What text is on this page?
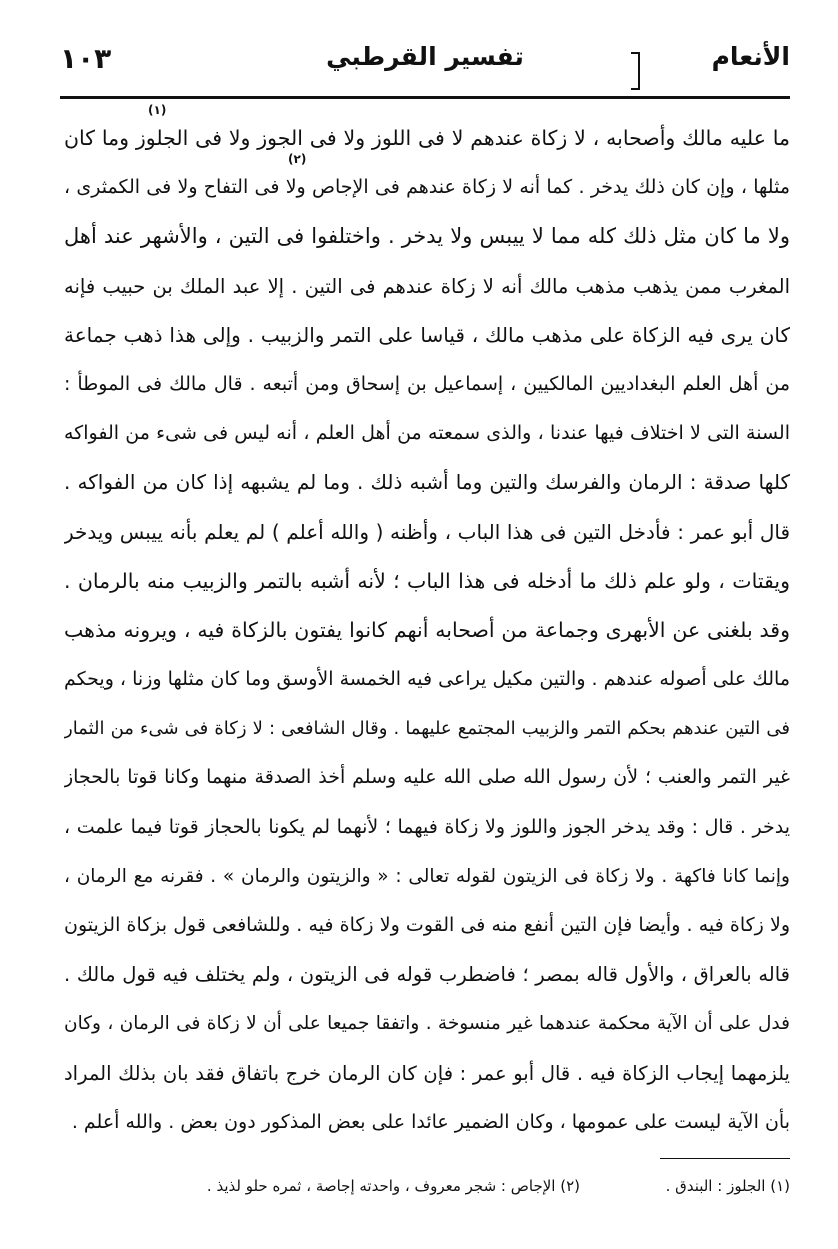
الأنعام
تفسير القرطبي
١٠٣
ما عليه مالك وأصحابه ، لا زكاة عندهم لا فى اللوز ولا فى الجوز ولا فى الجلوز وما كان
مثلها ، وإن كان ذلك يدخر . كما أنه لا زكاة عندهم فى الإجاص ولا فى التفاح ولا فى الكمثرى ،
ولا ما كان مثل ذلك كله مما لا ييبس ولا يدخر . واختلفوا فى التين ، والأشهر عند أهل
المغرب ممن يذهب مذهب مالك أنه لا زكاة عندهم فى التين . إلا عبد الملك بن حبيب فإنه
كان يرى فيه الزكاة على مذهب مالك ، قياسا على التمر والزبيب . وإلى هذا ذهب جماعة
من أهل العلم البغداديين المالكيين ، إسماعيل بن إسحاق ومن أتبعه . قال مالك فى الموطأ :
السنة التى لا اختلاف فيها عندنا ، والذى سمعته من أهل العلم ، أنه ليس فى شىء من الفواكه
كلها صدقة : الرمان والفرسك والتين وما أشبه ذلك . وما لم يشبهه إذا كان من الفواكه .
قال أبو عمر : فأدخل التين فى هذا الباب ، وأظنه ( والله أعلم ) لم يعلم بأنه ييبس ويدخر
ويقتات ، ولو علم ذلك ما أدخله فى هذا الباب ؛ لأنه أشبه بالتمر والزبيب منه بالرمان .
وقد بلغنى عن الأبهرى وجماعة من أصحابه أنهم كانوا يفتون بالزكاة فيه ، ويرونه مذهب
مالك على أصوله عندهم . والتين مكيل يراعى فيه الخمسة الأوسق وما كان مثلها وزنا ، ويحكم
فى التين عندهم بحكم التمر والزبيب المجتمع عليهما . وقال الشافعى : لا زكاة فى شىء من الثمار
غير التمر والعنب ؛ لأن رسول الله صلى الله عليه وسلم أخذ الصدقة منهما وكانا قوتا بالحجاز
يدخر . قال : وقد يدخر الجوز واللوز ولا زكاة فيهما ؛ لأنهما لم يكونا بالحجاز قوتا فيما علمت ،
وإنما كانا فاكهة . ولا زكاة فى الزيتون لقوله تعالى : « والزيتون والرمان » . فقرنه مع الرمان ،
ولا زكاة فيه . وأيضا فإن التين أنفع منه فى القوت ولا زكاة فيه . وللشافعى قول بزكاة الزيتون
قاله بالعراق ، والأول قاله بمصر ؛ فاضطرب قوله فى الزيتون ، ولم يختلف فيه قول مالك .
فدل على أن الآية محكمة عندهما غير منسوخة . واتفقا جميعا على أن لا زكاة فى الرمان ، وكان
يلزمهما إيجاب الزكاة فيه . قال أبو عمر : فإن كان الرمان خرج باتفاق فقد بان بذلك المراد
بأن الآية ليست على عمومها ، وكان الضمير عائدا على بعض المذكور دون بعض . والله أعلم .
(١)
(٢)
(١) الجلوز : البندق .
(٢) الإجاص : شجر معروف ، واحدته إجاصة ، ثمره حلو لذيذ .
